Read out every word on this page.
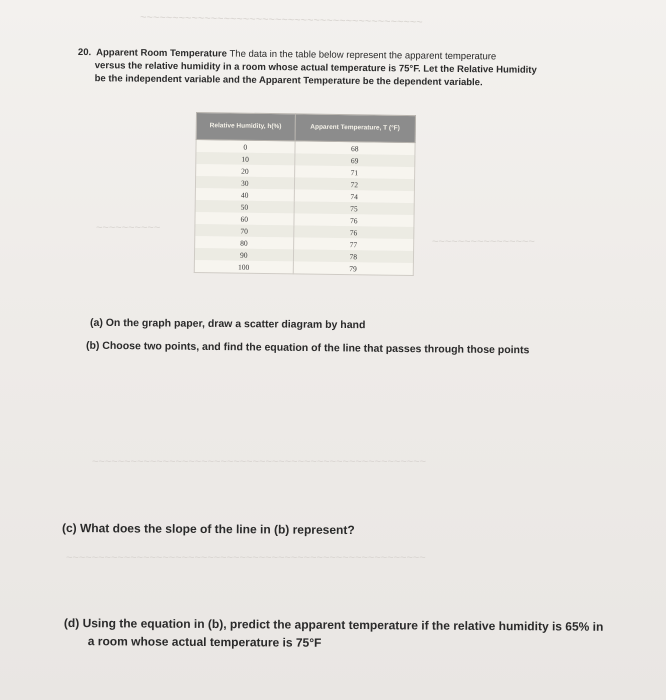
~~~~~~~~~~~~~~~~~~~~~~~~~~~~~~~~~~~~~~~~~~~~
~~~~~~~~~~
~~~~~~~~~~~~~~~~
~~~~~~~~~~~~~~~~~~~~~~~~~~~~~~~~~~~~~~~~~~~~~~~~~~~~
~~~~~~~~~~~~~~~~~~~~~~~~~~~~~~~~~~~~~~~~~~~~~~~~~~~~~~~~
20. Apparent Room Temperature The data in the table below represent the apparent temperature
versus the relative humidity in a room whose actual temperature is 75°F. Let the Relative Humidity
be the independent variable and the Apparent Temperature be the dependent variable.
Relative Humidity, h(%)	Apparent Temperature, T (°F)
0	68
10	69
20	71
30	72
40	74
50	75
60	76
70	76
80	77
90	78
100	79
(a) On the graph paper, draw a scatter diagram by hand
(b) Choose two points, and find the equation of the line that passes through those points
(c) What does the slope of the line in (b) represent?
(d) Using the equation in (b), predict the apparent temperature if the relative humidity is 65% in
a room whose actual temperature is 75°F
